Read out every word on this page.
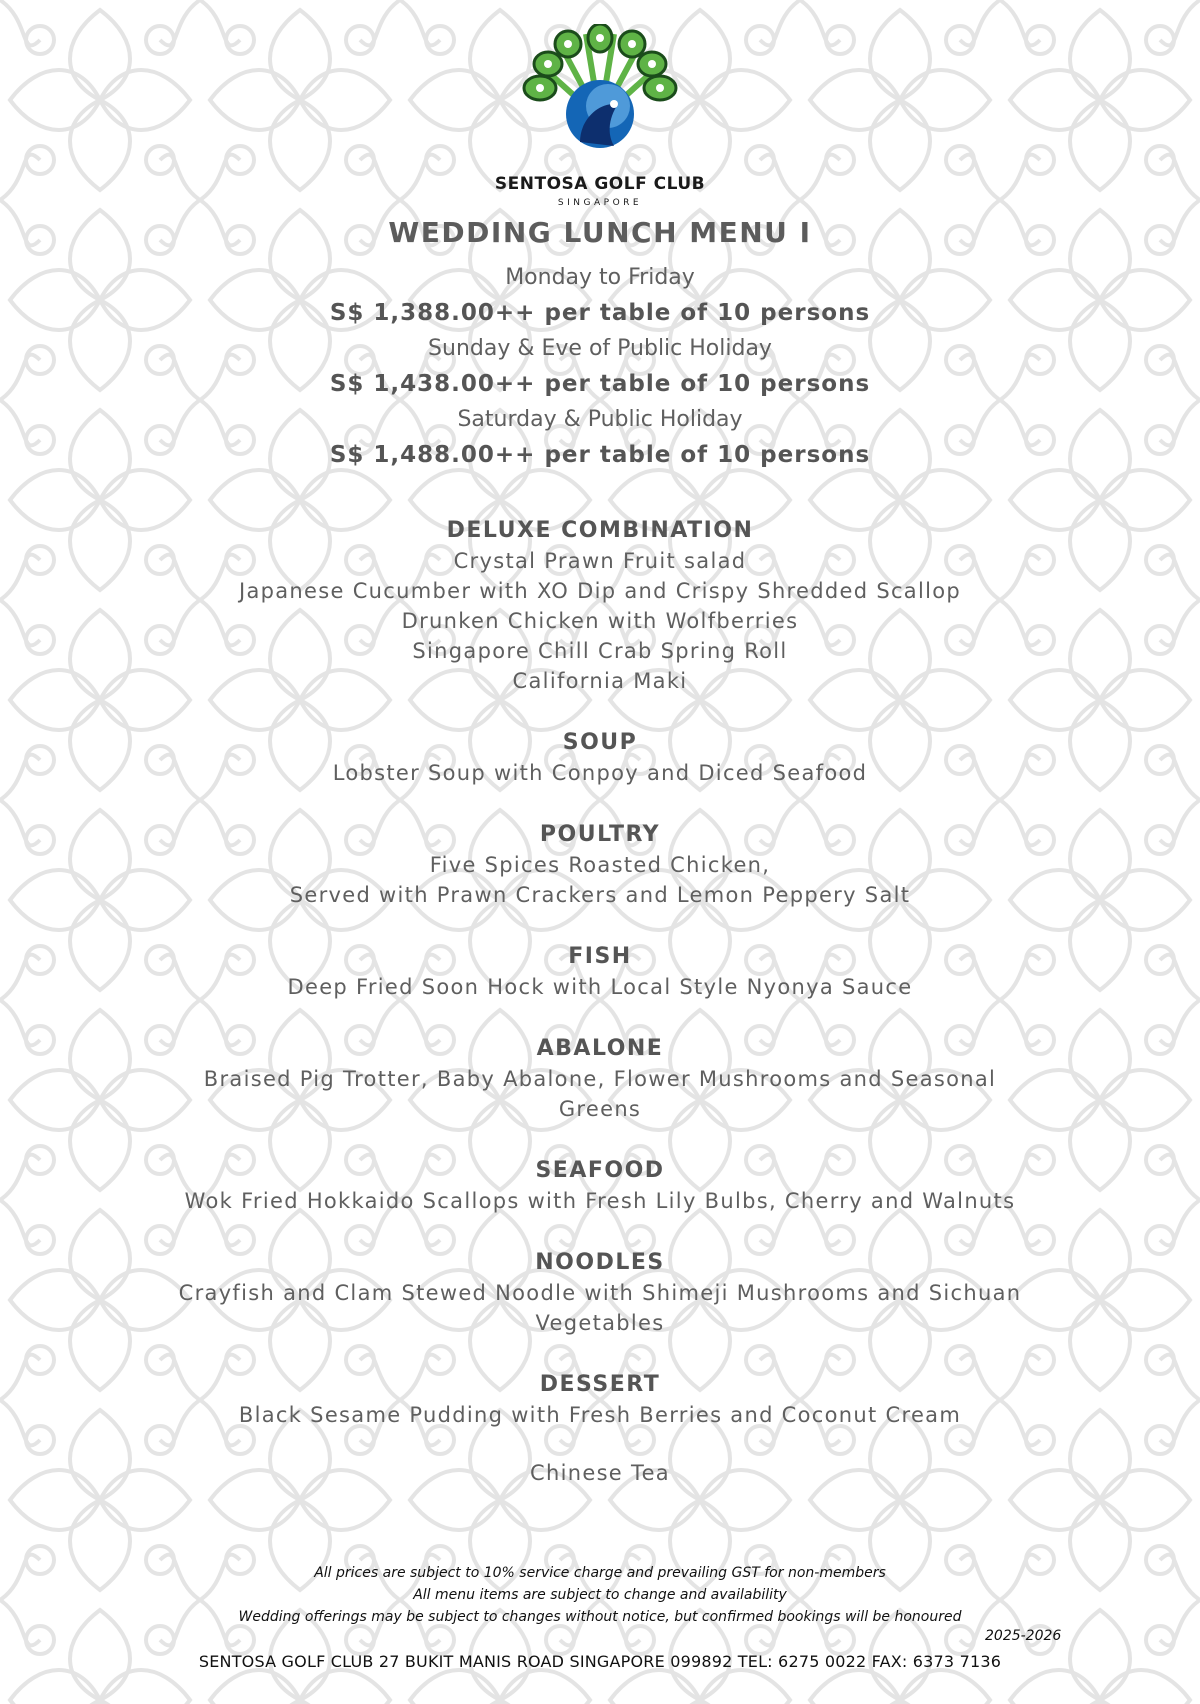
SENTOSA GOLF CLUB
SINGAPORE
WEDDING LUNCH MENU I
Monday to Friday
S$ 1,388.00++ per table of 10 persons
Sunday & Eve of Public Holiday
S$ 1,438.00++ per table of 10 persons
Saturday & Public Holiday
S$ 1,488.00++ per table of 10 persons
DELUXE COMBINATION
Crystal Prawn Fruit salad
Japanese Cucumber with XO Dip and Crispy Shredded Scallop
Drunken Chicken with Wolfberries
Singapore Chill Crab Spring Roll
California Maki
SOUP
Lobster Soup with Conpoy and Diced Seafood
POULTRY
Five Spices Roasted Chicken,
Served with Prawn Crackers and Lemon Peppery Salt
FISH
Deep Fried Soon Hock with Local Style Nyonya Sauce
ABALONE
Braised Pig Trotter, Baby Abalone, Flower Mushrooms and Seasonal Greens
SEAFOOD
Wok Fried Hokkaido Scallops with Fresh Lily Bulbs, Cherry and Walnuts
NOODLES
Crayfish and Clam Stewed Noodle with Shimeji Mushrooms and Sichuan Vegetables
DESSERT
Black Sesame Pudding with Fresh Berries and Coconut Cream
Chinese Tea
All prices are subject to 10% service charge and prevailing GST for non-members
All menu items are subject to change and availability
Wedding offerings may be subject to changes without notice, but confirmed bookings will be honoured
2025-2026
SENTOSA GOLF CLUB 27 BUKIT MANIS ROAD SINGAPORE 099892 TEL: 6275 0022 FAX: 6373 7136
